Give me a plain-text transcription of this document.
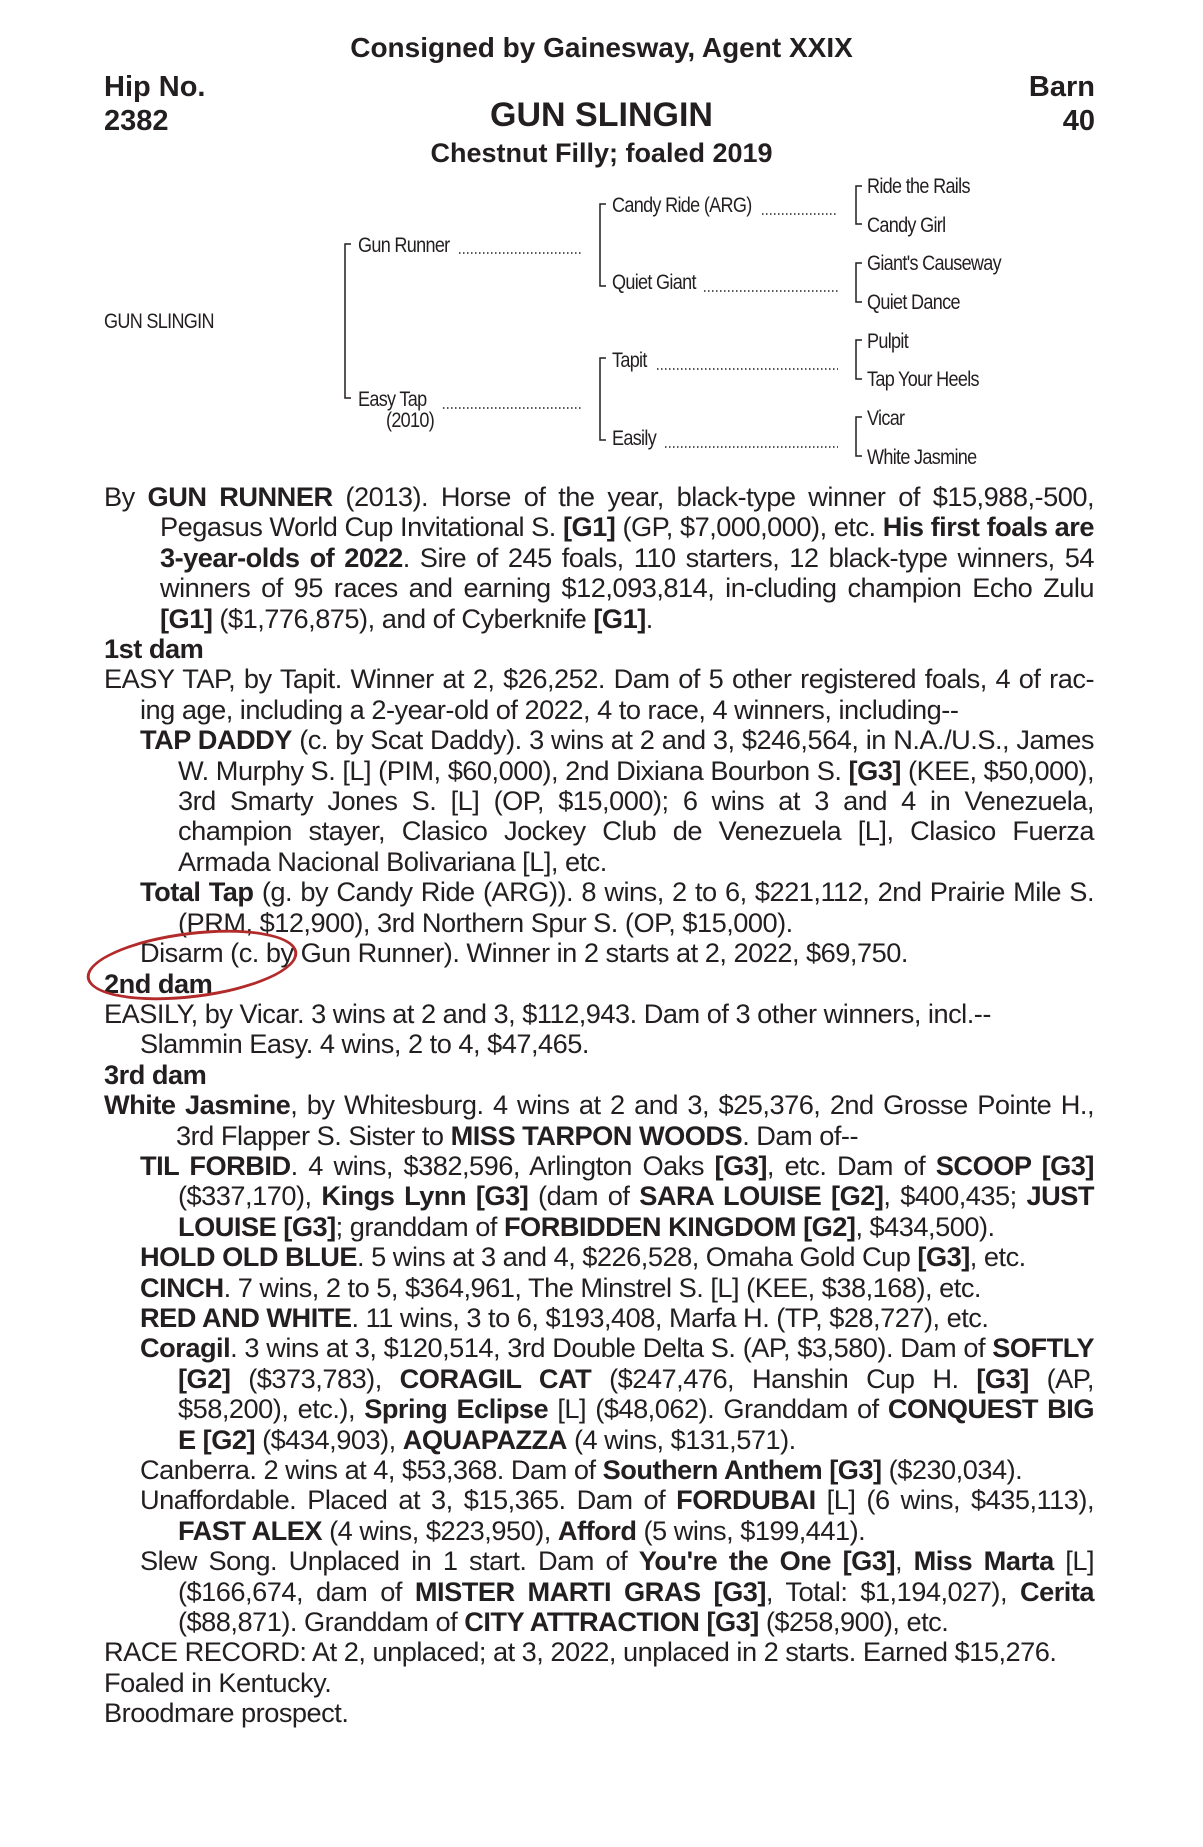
Consigned by Gainesway, Agent XXIX
Hip No.
2382
Barn
40
GUN SLINGIN
Chestnut Filly; foaled 2019
GUN SLINGIN
Gun Runner
Easy Tap
(2010)
Candy Ride (ARG)
Quiet Giant
Tapit
Easily
Ride the Rails
Candy Girl
Giant's Causeway
Quiet Dance
Pulpit
Tap Your Heels
Vicar
White Jasmine

By GUN RUNNER (2013). Horse of the year, black-type winner of $15,988,-500, Pegasus World Cup Invitational S. [G1] (GP, $7,000,000), etc. His first foals are 3-year-olds of 2022. Sire of 245 foals, 110 starters, 12 black-type winners, 54 winners of 95 races and earning $12,093,814, in-cluding champion Echo Zulu [G1] ($1,776,875), and of Cyberknife [G1].

1st dam

EASY TAP, by Tapit. Winner at 2, $26,252. Dam of 5 other registered foals, 4 of rac-ing age, including a 2-year-old of 2022, 4 to race, 4 winners, including--

TAP DADDY (c. by Scat Daddy). 3 wins at 2 and 3, $246,564, in N.A./U.S., James W. Murphy S. [L] (PIM, $60,000), 2nd Dixiana Bourbon S. [G3] (KEE, $50,000), 3rd Smarty Jones S. [L] (OP, $15,000); 6 wins at 3 and 4 in Venezuela, champion stayer, Clasico Jockey Club de Venezuela [L], Clasico Fuerza Armada Nacional Bolivariana [L], etc.

Total Tap (g. by Candy Ride (ARG)). 8 wins, 2 to 6, $221,112, 2nd Prairie Mile S. (PRM, $12,900), 3rd Northern Spur S. (OP, $15,000).

Disarm (c. by Gun Runner). Winner in 2 starts at 2, 2022, $69,750.

2nd dam

EASILY, by Vicar. 3 wins at 2 and 3, $112,943. Dam of 3 other winners, incl.--

Slammin Easy. 4 wins, 2 to 4, $47,465.

3rd dam

White Jasmine, by Whitesburg. 4 wins at 2 and 3, $25,376, 2nd Grosse Pointe H., 3rd Flapper S. Sister to MISS TARPON WOODS. Dam of--

TIL FORBID. 4 wins, $382,596, Arlington Oaks [G3], etc. Dam of SCOOP [G3] ($337,170), Kings Lynn [G3] (dam of SARA LOUISE [G2], $400,435; JUST LOUISE [G3]; granddam of FORBIDDEN KINGDOM [G2], $434,500).

HOLD OLD BLUE. 5 wins at 3 and 4, $226,528, Omaha Gold Cup [G3], etc.

CINCH. 7 wins, 2 to 5, $364,961, The Minstrel S. [L] (KEE, $38,168), etc.

RED AND WHITE. 11 wins, 3 to 6, $193,408, Marfa H. (TP, $28,727), etc.

Coragil. 3 wins at 3, $120,514, 3rd Double Delta S. (AP, $3,580). Dam of SOFTLY [G2] ($373,783), CORAGIL CAT ($247,476, Hanshin Cup H. [G3] (AP, $58,200), etc.), Spring Eclipse [L] ($48,062). Granddam of CONQUEST BIG E [G2] ($434,903), AQUAPAZZA (4 wins, $131,571).

Canberra. 2 wins at 4, $53,368. Dam of Southern Anthem [G3] ($230,034).

Unaffordable. Placed at 3, $15,365. Dam of FORDUBAI [L] (6 wins, $435,113), FAST ALEX (4 wins, $223,950), Afford (5 wins, $199,441).

Slew Song. Unplaced in 1 start. Dam of You're the One [G3], Miss Marta [L] ($166,674, dam of MISTER MARTI GRAS [G3], Total: $1,194,027), Cerita ($88,871). Granddam of CITY ATTRACTION [G3] ($258,900), etc.

RACE RECORD: At 2, unplaced; at 3, 2022, unplaced in 2 starts. Earned $15,276.

Foaled in Kentucky.

Broodmare prospect.
